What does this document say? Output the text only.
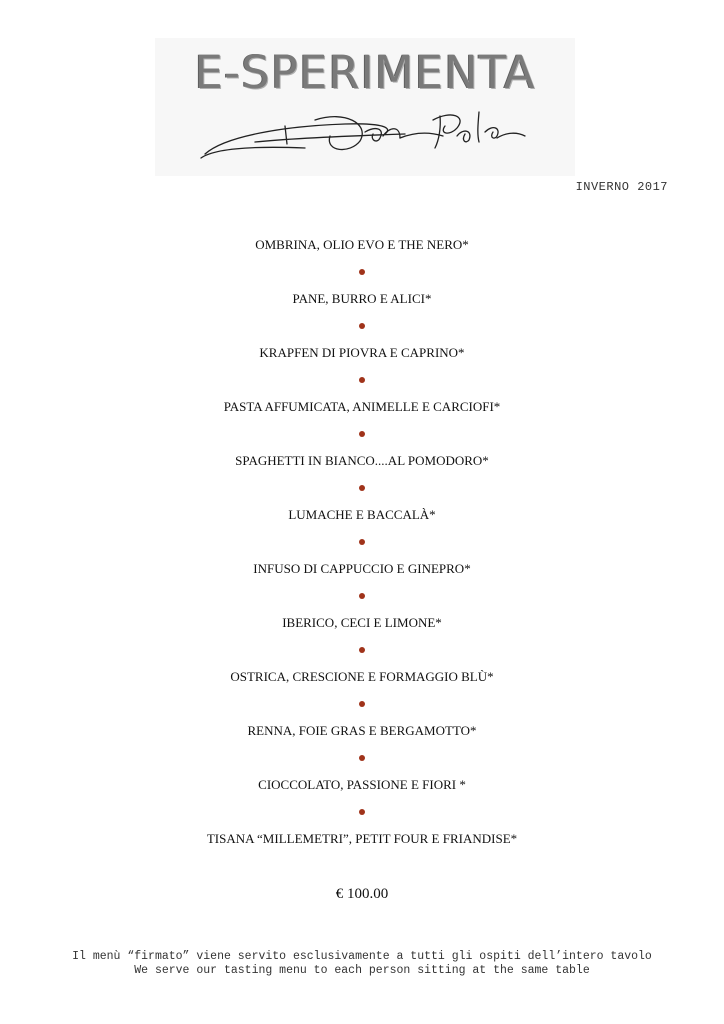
E-SPERIMENTA
INVERNO 2017
OMBRINA, OLIO EVO E THE NERO*
PANE, BURRO E ALICI*
KRAPFEN DI PIOVRA E CAPRINO*
PASTA AFFUMICATA, ANIMELLE E CARCIOFI*
SPAGHETTI IN BIANCO....AL POMODORO*
LUMACHE E BACCALÀ*
INFUSO DI CAPPUCCIO E GINEPRO*
IBERICO, CECI E LIMONE*
OSTRICA, CRESCIONE E FORMAGGIO BLÙ*
RENNA, FOIE GRAS E BERGAMOTTO*
CIOCCOLATO, PASSIONE E FIORI *
TISANA “MILLEMETRI”, PETIT FOUR E FRIANDISE*
€ 100.00
Il menù “firmato” viene servito esclusivamente a tutti gli ospiti dell’intero tavolo
We serve our tasting menu to each person sitting at the same table
